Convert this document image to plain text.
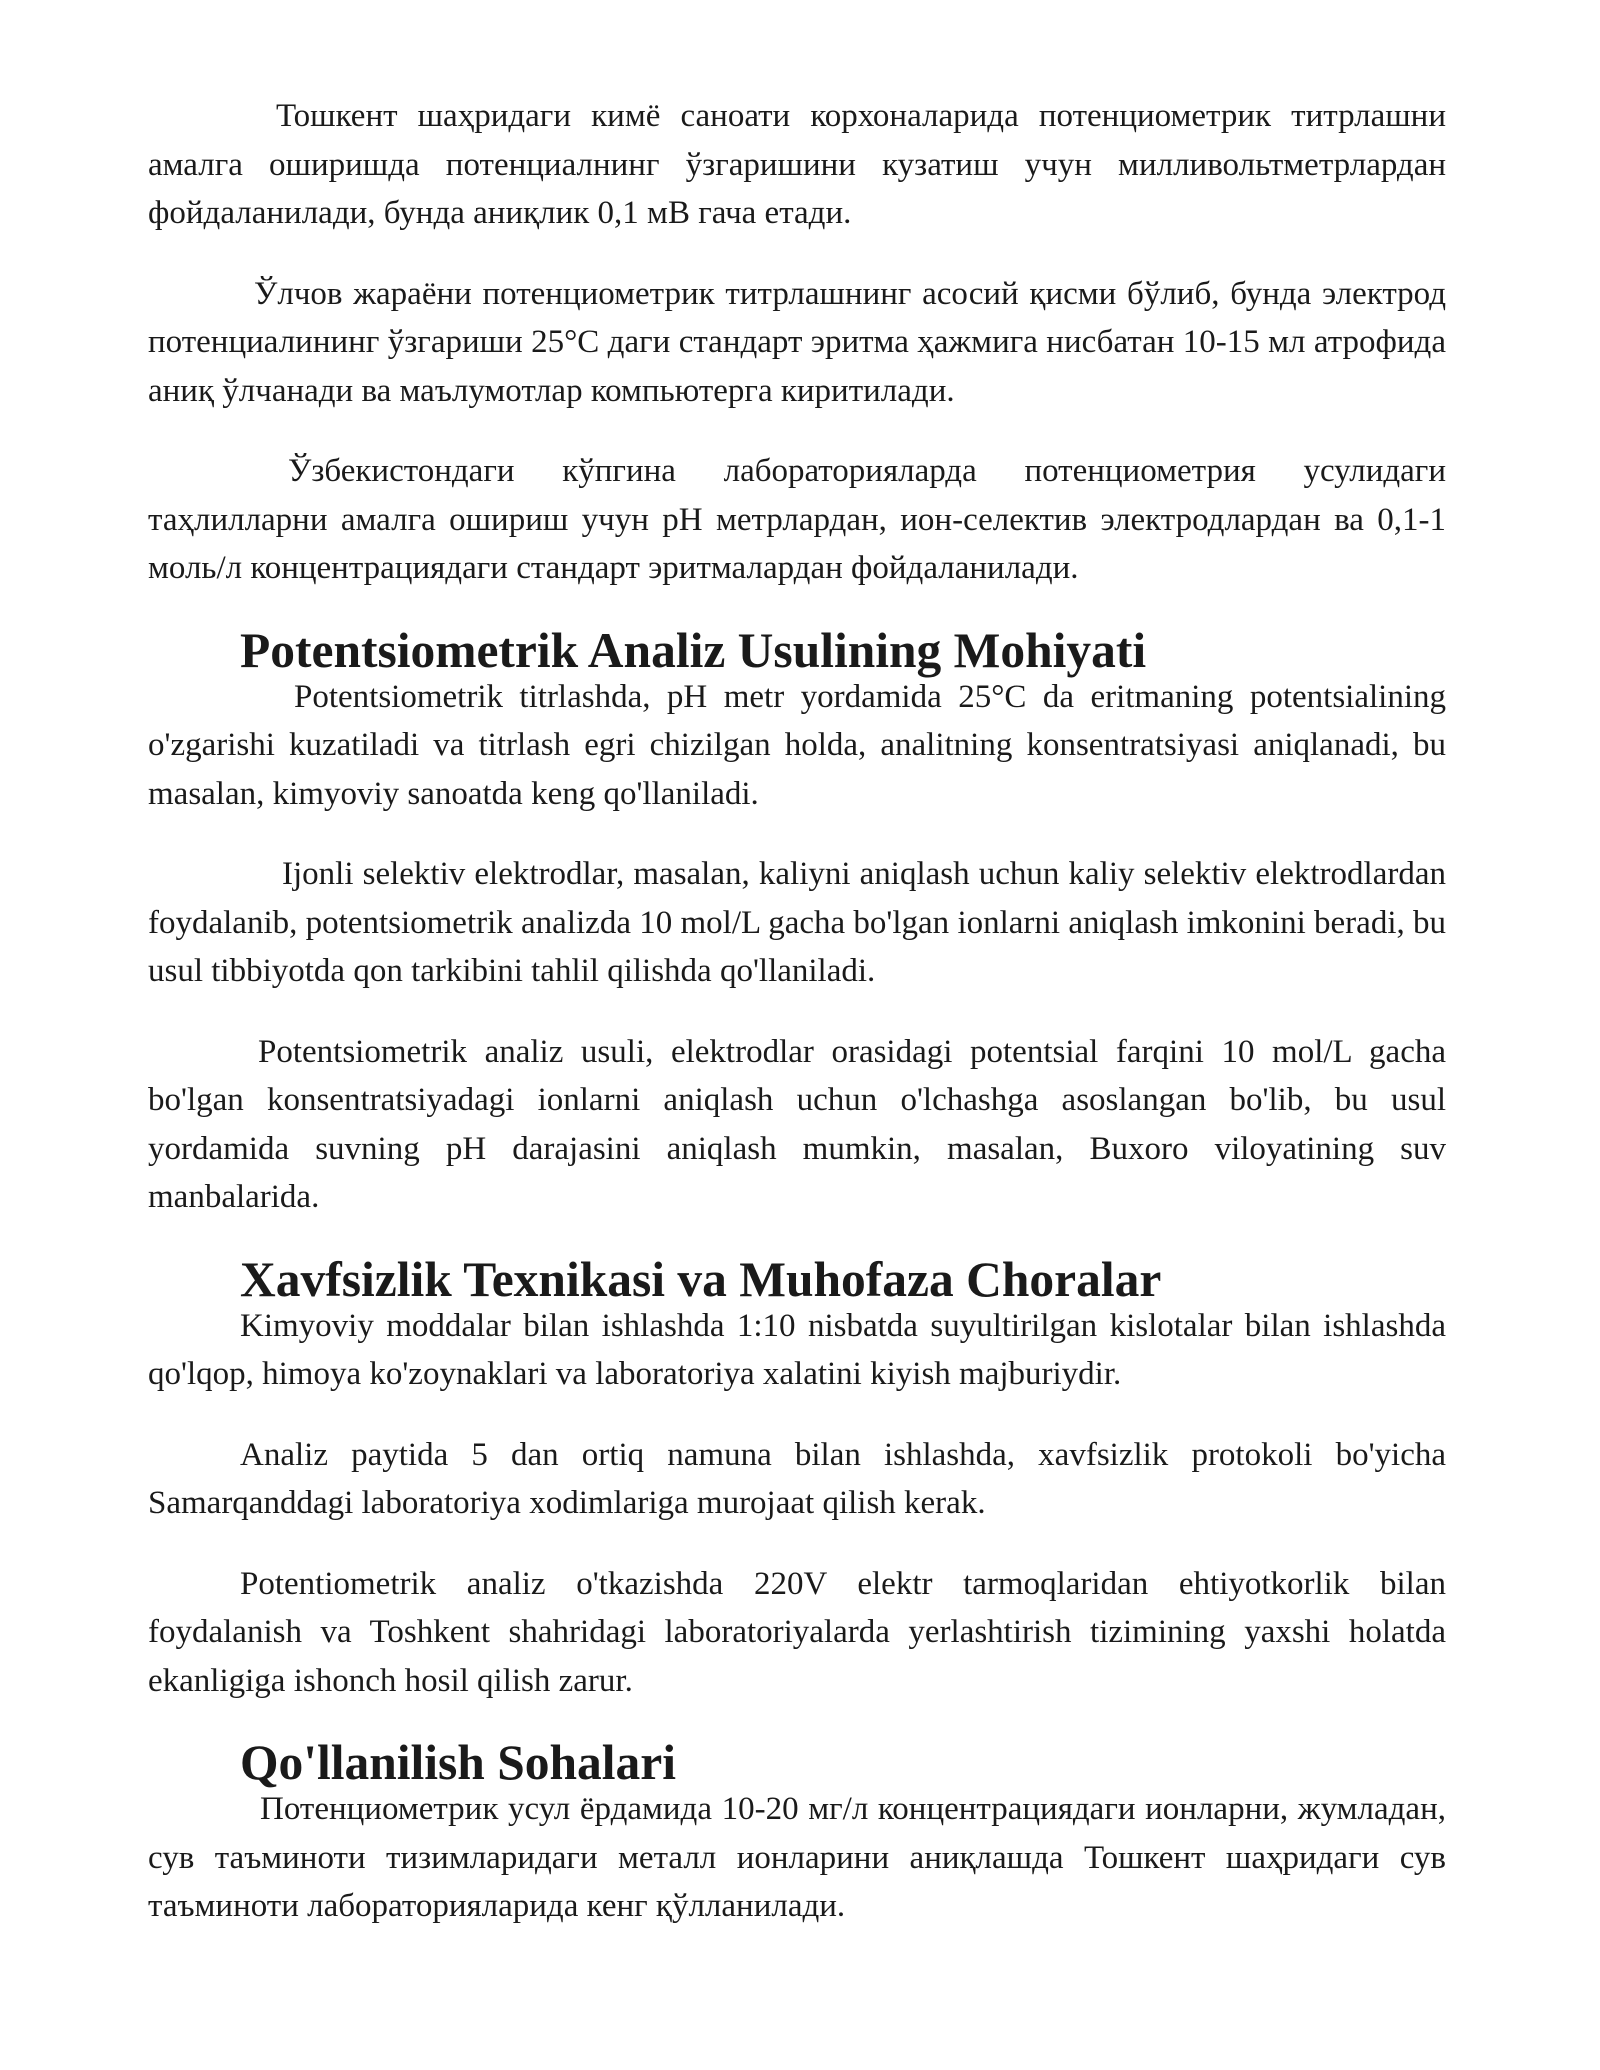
Тошкент шаҳридаги кимё саноати корхоналарида потенциометрик титрлашни амалга оширишда потенциалнинг ўзгаришини кузатиш учун милливольтметрлардан фойдаланилади, бунда аниқлик 0,1 мВ гача етади.

Ўлчов жараёни потенциометрик титрлашнинг асосий қисми бўлиб, бунда электрод потенциалининг ўзгариши 25°C даги стандарт эритма ҳажмига нисбатан 10-15 мл атрофида аниқ ўлчанади ва маълумотлар компьютерга киритилади.

Ўзбекистондаги кўпгина лабораторияларда потенциометрия усулидаги таҳлилларни амалга ошириш учун pH метрлардан, ион-селектив электродлардан ва 0,1-1 моль/л концентрациядаги стандарт эритмалардан фойдаланилади.

Potentsiometrik Analiz Usulining Mohiyati

Potentsiometrik titrlashda, pH metr yordamida 25°C da eritmaning potentsialining o'zgarishi kuzatiladi va titrlash egri chizilgan holda, analitning konsentratsiyasi aniqlanadi, bu masalan, kimyoviy sanoatda keng qo'llaniladi.

Ijonli selektiv elektrodlar, masalan, kaliyni aniqlash uchun kaliy selektiv elektrodlardan foydalanib, potentsiometrik analizda 10 mol/L gacha bo'lgan ionlarni aniqlash imkonini beradi, bu usul tibbiyotda qon tarkibini tahlil qilishda qo'llaniladi.

Potentsiometrik analiz usuli, elektrodlar orasidagi potentsial farqini 10 mol/L gacha bo'lgan konsentratsiyadagi ionlarni aniqlash uchun o'lchashga asoslangan bo'lib, bu usul yordamida suvning pH darajasini aniqlash mumkin, masalan, Buxoro viloyatining suv manbalarida.

Xavfsizlik Texnikasi va Muhofaza Choralar

Kimyoviy moddalar bilan ishlashda 1:10 nisbatda suyultirilgan kislotalar bilan ishlashda qo'lqop, himoya ko'zoynaklari va laboratoriya xalatini kiyish majburiydir.

Analiz paytida 5 dan ortiq namuna bilan ishlashda, xavfsizlik protokoli bo'yicha Samarqanddagi laboratoriya xodimlariga murojaat qilish kerak.

Potentiometrik analiz o'tkazishda 220V elektr tarmoqlaridan ehtiyotkorlik bilan foydalanish va Toshkent shahridagi laboratoriyalarda yerlashtirish tizimining yaxshi holatda ekanligiga ishonch hosil qilish zarur.

Qo'llanilish Sohalari

Потенциометрик усул ёрдамида 10-20 мг/л концентрациядаги ионларни, жумладан, сув таъминоти тизимларидаги металл ионларини аниқлашда Тошкент шаҳридаги сув таъминоти лабораторияларида кенг қўлланилади.
